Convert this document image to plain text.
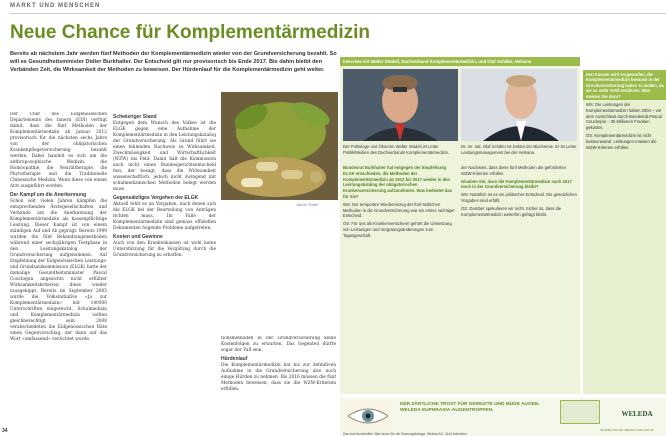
MARKT UND MENSCHEN
Neue Chance für Komplementärmedizin
Bereits ab nächstem Jahr werden fünf Methoden der Komplementärmedizin wieder von der Grundversicherung bezahlt. So will es Gesundheitsminister Didier Burkhalter. Der Entscheid gilt nur provisorisch bis Ende 2017. Bis dahin bleibt den Verbänden Zeit, die Wirksamkeit der Methoden zu beweisen. Der Hürdenlauf für die Komplementärmedizin geht weiter.
Jacob Thele

Der Chef des Eidgenössischen Departements des Innern (EDI) verfügt damit, dass die fünf Methoden der Komplementärmedizin ab Januar 2012 provisorisch für die nächsten sechs Jahre von der obligatorischen Krankenpflegeversicherung bezahlt werden. Dabei handelt es sich um die anthroposophische Medizin, die Homöopathie, die Neuraltherapie, die Phytotherapie und die Traditionelle Chinesische Medizin. Wenn diese von einem Arzt ausgeführt werden.

Der Kampf um die Anerkennung

Schon seit vielen Jahren kämpfen die entsprechenden Ärztegesellschaften und Verbände um die Anerkennung der Komplementärmedizin als kassenpflichtige Leistung. Dieser Kampf ist von einem ständigen Auf und Ab geprägt. Bereits 1999 wurden die fünf Behandlungsmethoden während einer sechsjährigen Testphase in den Leistungskatalog der Grundversicherung aufgenommen. Auf Empfehlung der Eidgenössischen Leistungs- und Grundsatzkommission (ELGK) hatte der damalige Gesundheitsminister Pascal Couchepin angesichts nicht erfüllter Wirksamkeitskriterien diese wieder rausgekippt. Bereits im September 2005 wurde die Volksinitiative «Ja zur Komplementärmedizin» mit 140000 Unterschriften eingereicht. Schulmedizin und Komplementärmedizin sollten gleichberechtigt sein. 2008 verabschiedeten die Eidgenössischen Räte einen Gegenvorschlag, der dann auf das Wort «umfassend» verzichtet wurde.

Schwieriger Stand

Entgegen dem Wunsch des Volkes ist die ELGK gegen eine Aufnahme der Komplementärmedizin in den Leistungskatalog der Grundversicherung. Als Grund führt sie einen fehlenden Nachweis zu Wirksamkeit, Zweckmässigkeit und Wirtschaftlichkeit (WZW) ins Feld. Damit hält die Kommission auch nicht einen Bundesgerichtsentscheid fest, der besagt, dass die Wirksamkeit wissenschaftlich, jedoch nicht zwingend mit schulmedizinischen Methoden belegt werden muss.

Gegensätzliges Vorgehen der ELGK

Aktuell fehlt es an Vorgaben, nach denen sich die ELGK bei der Beurteilung von Anträgen richten muss. Im Falle der Komplementärmedizin sind gemäss offiziellen Dokumenten folgende Probleme aufgetreten.

Kosten und Gewinne

Auch von den Krankenkassen ist wohl keine Unterstützung für die Vergütung durch die Grundversicherung zu erhoffen.

tionsmethoden in der Grundversicherung keine Kostenfolgen zu erwarten. Das Gegenteil dürfte sogar der Fall sein.

Hürdenlauf

Die Komplementärmedizin hat bis zur definitiven Aufnahme in die Grundversicherung also noch einige Hürden zu nehmen. Bis 2016 müssen die fünf Methoden beweisen, dass sie die WZW-Kriterien erfüllen.

Interview mit Walter Stüdeli, Dachverband Komplementärmedizin, und Olaf Schäfer, Helsana
Der Politologe und Ökonom Walter Stüdeli ist Leiter Politik/Medien des Dachverbands Komplementärmedizin.
Dr. rer. nat. Olaf Schäfer ist Doktor der Biochemie. Er ist Leiter Leistungsmanagement bei der Helsana.

Bundesrat Burkhalter hat entgegen der Empfehlung ELGK entschieden, die Methoden der Komplementärmedizin ab 2012 bis 2017 wieder in den Leistungskatalog der obligatorischen Krankenversicherung aufzunehmen. Was bedeutet das für Sie?

WS: Der temporäre Wiedereinzug der fünf ärztlichen Methoden in die Grundversicherung war ein erster, wichtiger Entscheid.

OS: Für uns als Krankenversicherer gehört die Umsetzung von Leistungen und Vergütungsänderungen zum Tagesgeschäft.

der Nachweis, dass diese fünf Methoden die geforderten WZW-Kriterien erfüllen.

Glauben Sie, dass die Komplementärmedizin nach 2017 noch in der Grundversicherung bleibt?

WS: Natürlich ist es ein politischer Entscheid. Die gesetzlichen Vorgaben sind erfüllt.

OS: Darüber spekulieren wir nicht. Sicher ist, dass die Komplementärmedizin weiterhin gefragt bleibt.

Den Kassen wird vorgeworfen, die Komplementärmedizin bewusst in der Grundversicherung haben zu wollen, da sie so mehr Geld verdienen. Was meinen Sie dazu?

WS: Die Leistungen der Komplementärmedizin haben 2004 – vor dem Ausschluss durch Bundesrat Pascal Couchepin – 35 Millionen Franken gekostet.

OS: Komplementärmedizin ist nicht kostenneutral. Leistungen müssen die WZW-Kriterien erfüllen.

DER ZÄRTLICHE TROST FÜR GEREIZTE UND MÜDE AUGEN. WELEDA EUPHRASIA-AUGENTROPFEN.
Das sind Arzneimittel. Bitte lesen Sie die Packungsbeilage. Weleda AG, 4144 Arlesheim
WELEDA
IM EINKLANG MIT MENSCH UND NATUR
34
